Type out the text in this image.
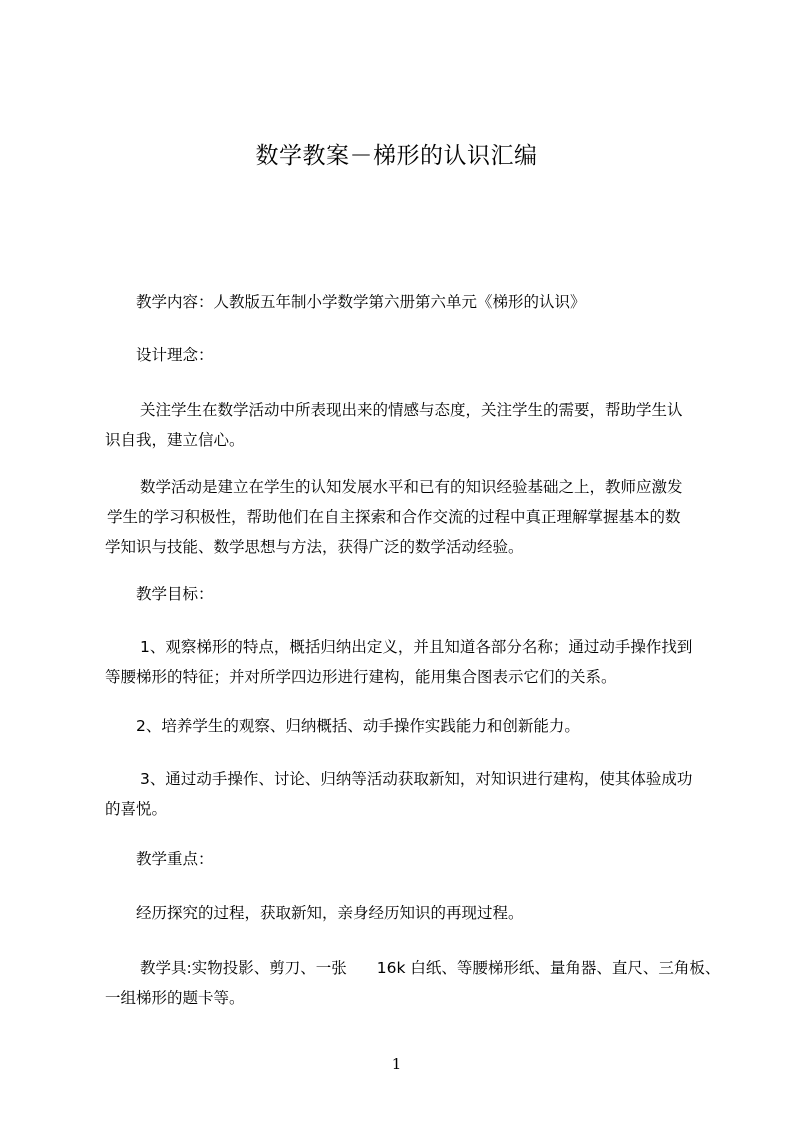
数学教案－梯形的认识汇编

教学内容：人教版五年制小学数学第六册第六单元《梯形的认识》

设计理念：

关注学生在数学活动中所表现出来的情感与态度，关注学生的需要，帮助学生认
识自我，建立信心。

数学活动是建立在学生的认知发展水平和已有的知识经验基础之上，教师应激发
学生的学习积极性，帮助他们在自主探索和合作交流的过程中真正理解掌握基本的数
学知识与技能、数学思想与方法，获得广泛的数学活动经验。

教学目标：

1、观察梯形的特点，概括归纳出定义，并且知道各部分名称；通过动手操作找到
等腰梯形的特征；并对所学四边形进行建构，能用集合图表示它们的关系。

2、培养学生的观察、归纳概括、动手操作实践能力和创新能力。

3、通过动手操作、讨论、归纳等活动获取新知，对知识进行建构，使其体验成功
的喜悦。

教学重点：

经历探究的过程，获取新知，亲身经历知识的再现过程。

教学具:实物投影、剪刀、一张 16k 白纸、等腰梯形纸、量角器、直尺、三角板、
一组梯形的题卡等。

1
